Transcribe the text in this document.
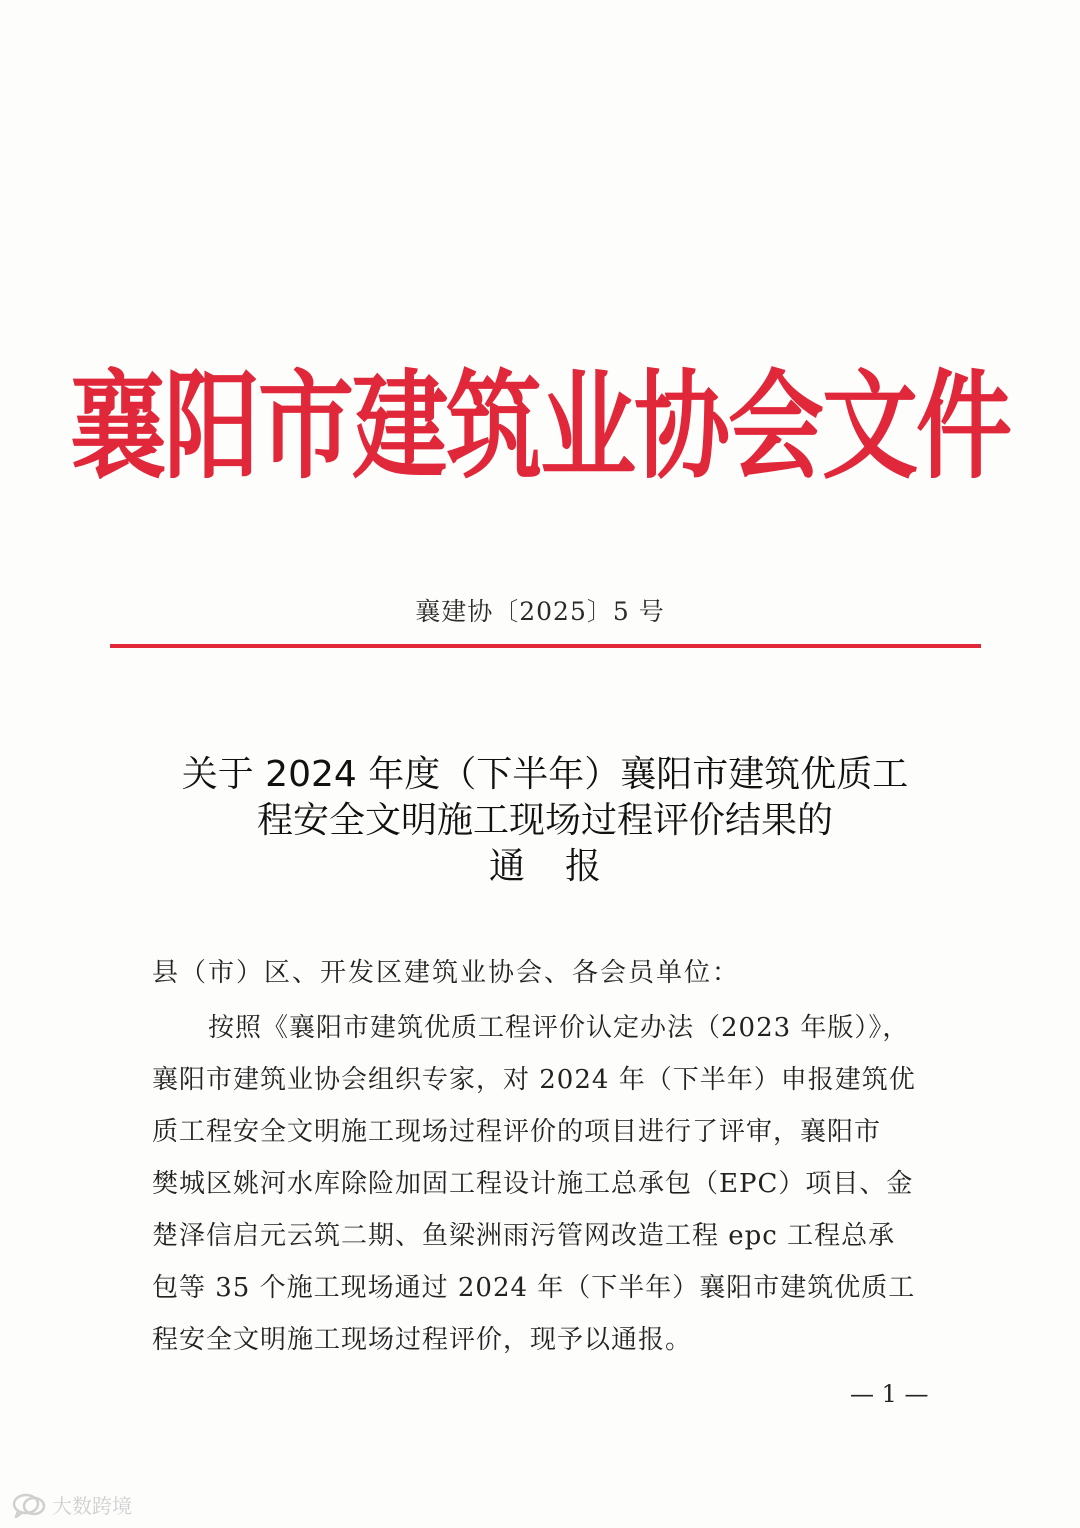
襄阳市建筑业协会文件
襄建协〔2025〕5 号
关于 2024 年度（下半年）襄阳市建筑优质工
程安全文明施工现场过程评价结果的
通报
县（市）区、开发区建筑业协会、各会员单位：
按照《襄阳市建筑优质工程评价认定办法（2023 年版）》，
襄阳市建筑业协会组织专家，对 2024 年（下半年）申报建筑优
质工程安全文明施工现场过程评价的项目进行了评审，襄阳市
樊城区姚河水库除险加固工程设计施工总承包（EPC）项目、金
楚泽信启元云筑二期、鱼梁洲雨污管网改造工程 epc 工程总承
包等 35 个施工现场通过 2024 年（下半年）襄阳市建筑优质工
程安全文明施工现场过程评价，现予以通报。
— 1 —
大数跨境
